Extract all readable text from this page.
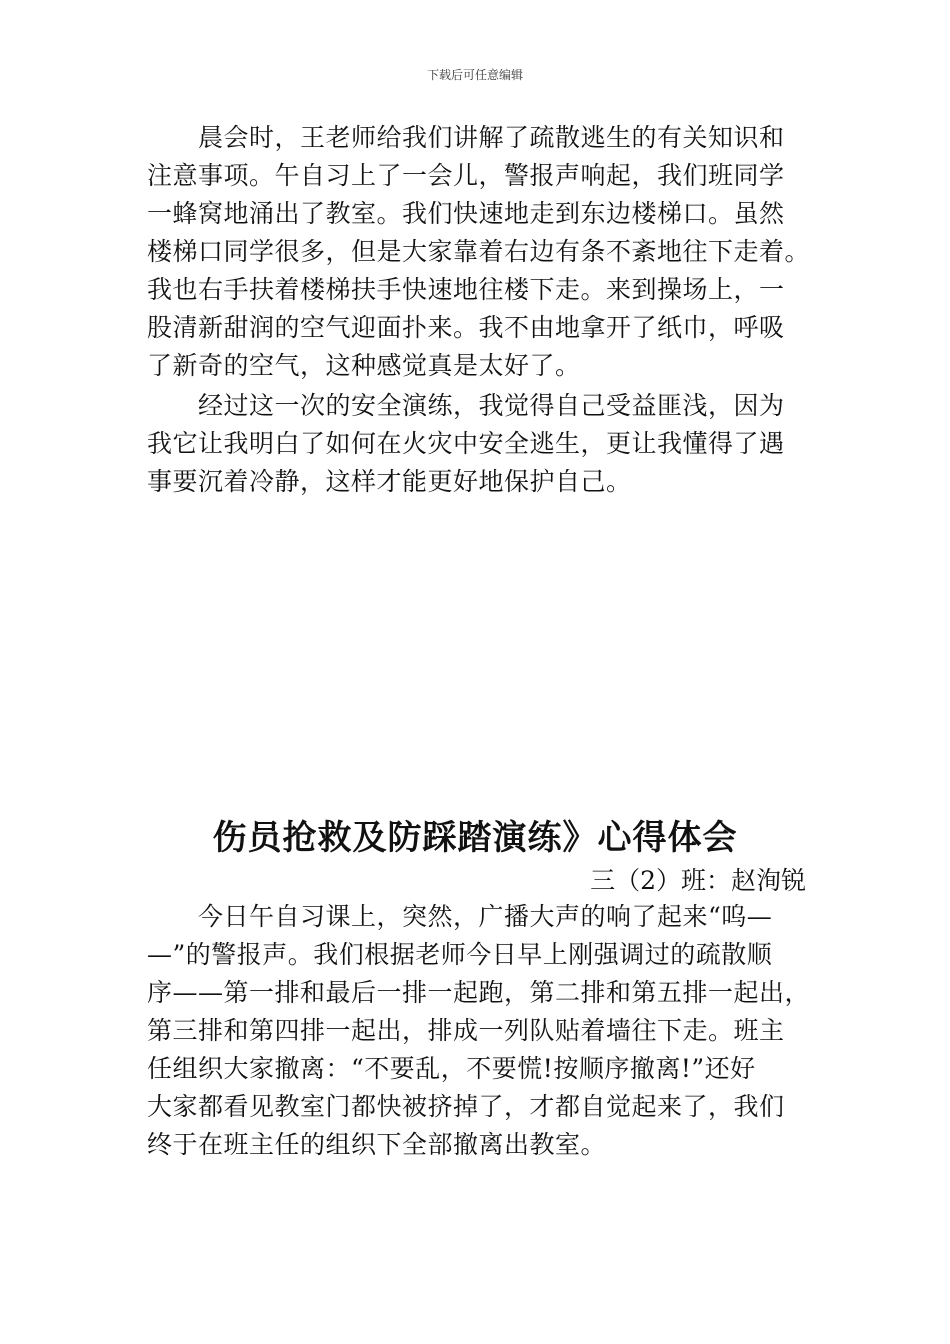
下载后可任意编辑
　　晨会时，王老师给我们讲解了疏散逃生的有关知识和
注意事项。午自习上了一会儿，警报声响起，我们班同学
一蜂窝地涌出了教室。我们快速地走到东边楼梯口。虽然
楼梯口同学很多，但是大家靠着右边有条不紊地往下走着。
我也右手扶着楼梯扶手快速地往楼下走。来到操场上，一
股清新甜润的空气迎面扑来。我不由地拿开了纸巾，呼吸
了新奇的空气，这种感觉真是太好了。
　　经过这一次的安全演练，我觉得自己受益匪浅，因为
我它让我明白了如何在火灾中安全逃生，更让我懂得了遇
事要沉着冷静，这样才能更好地保护自己。
伤员抢救及防踩踏演练》心得体会
三（2）班：赵洵锐
　　今日午自习课上，突然，广播大声的响了起来“呜—
—”的警报声。我们根据老师今日早上刚强调过的疏散顺
序——第一排和最后一排一起跑，第二排和第五排一起出，
第三排和第四排一起出，排成一列队贴着墙往下走。班主
任组织大家撤离：“不要乱，不要慌!按顺序撤离!”还好
大家都看见教室门都快被挤掉了，才都自觉起来了，我们
终于在班主任的组织下全部撤离出教室。
